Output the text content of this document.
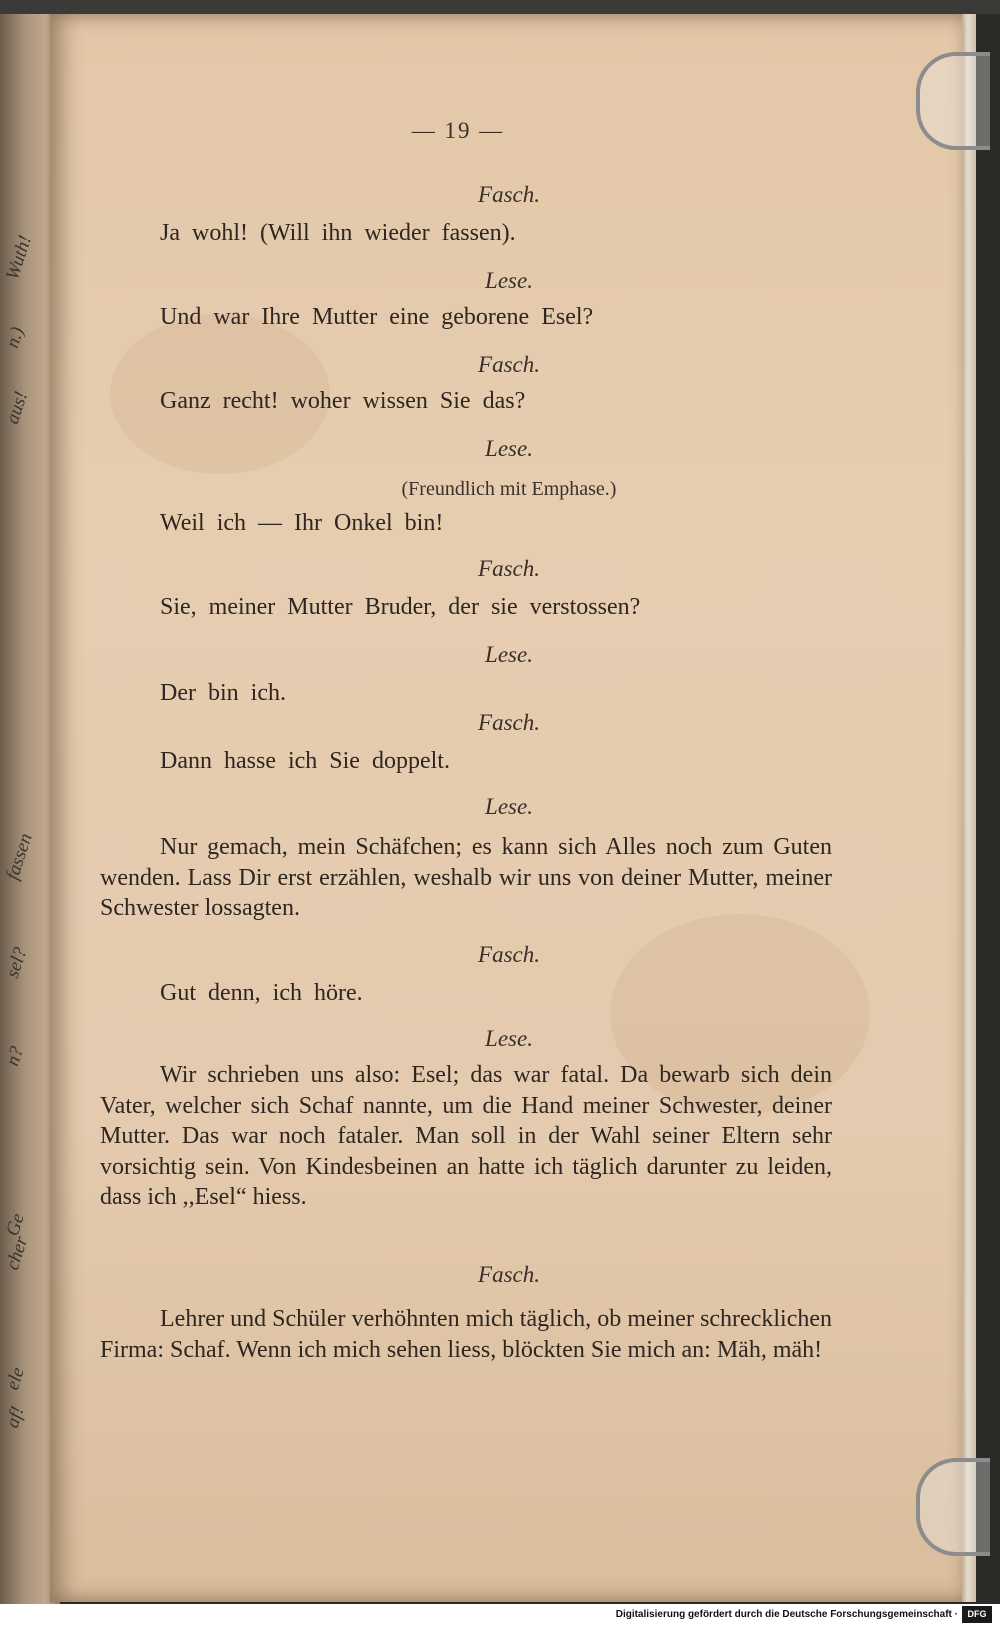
Wuth!
n.)
aus!
fassen
sel?
n?
Ge
cher
ele
af!
— 19 —
Fasch.
Ja wohl! (Will ihn wieder fassen).
Lese.
Und war Ihre Mutter eine geborene Esel?
Fasch.
Ganz recht! woher wissen Sie das?
Lese.
(Freundlich mit Emphase.)
Weil ich — Ihr Onkel bin!
Fasch.
Sie, meiner Mutter Bruder, der sie verstossen?
Lese.
Der bin ich.
Fasch.
Dann hasse ich Sie doppelt.
Lese.

Nur gemach, mein Schäfchen; es kann sich Alles noch zum Guten wenden. Lass Dir erst erzählen, weshalb wir uns von deiner Mutter, meiner Schwester lossagten.

Fasch.
Gut denn, ich höre.
Lese.

Wir schrieben uns also: Esel; das war fatal. Da bewarb sich dein Vater, welcher sich Schaf nannte, um die Hand meiner Schwester, deiner Mutter. Das war noch fataler. Man soll in der Wahl seiner Eltern sehr vorsichtig sein. Von Kindesbeinen an hatte ich täglich darunter zu leiden, dass ich ,,Esel“ hiess.

Fasch.

Lehrer und Schüler verhöhnten mich täglich, ob meiner schrecklichen Firma: Schaf. Wenn ich mich sehen liess, blöckten Sie mich an: Mäh, mäh!

Digitalisierung gefördert durch die Deutsche Forschungsgemeinschaft ·	DFG
